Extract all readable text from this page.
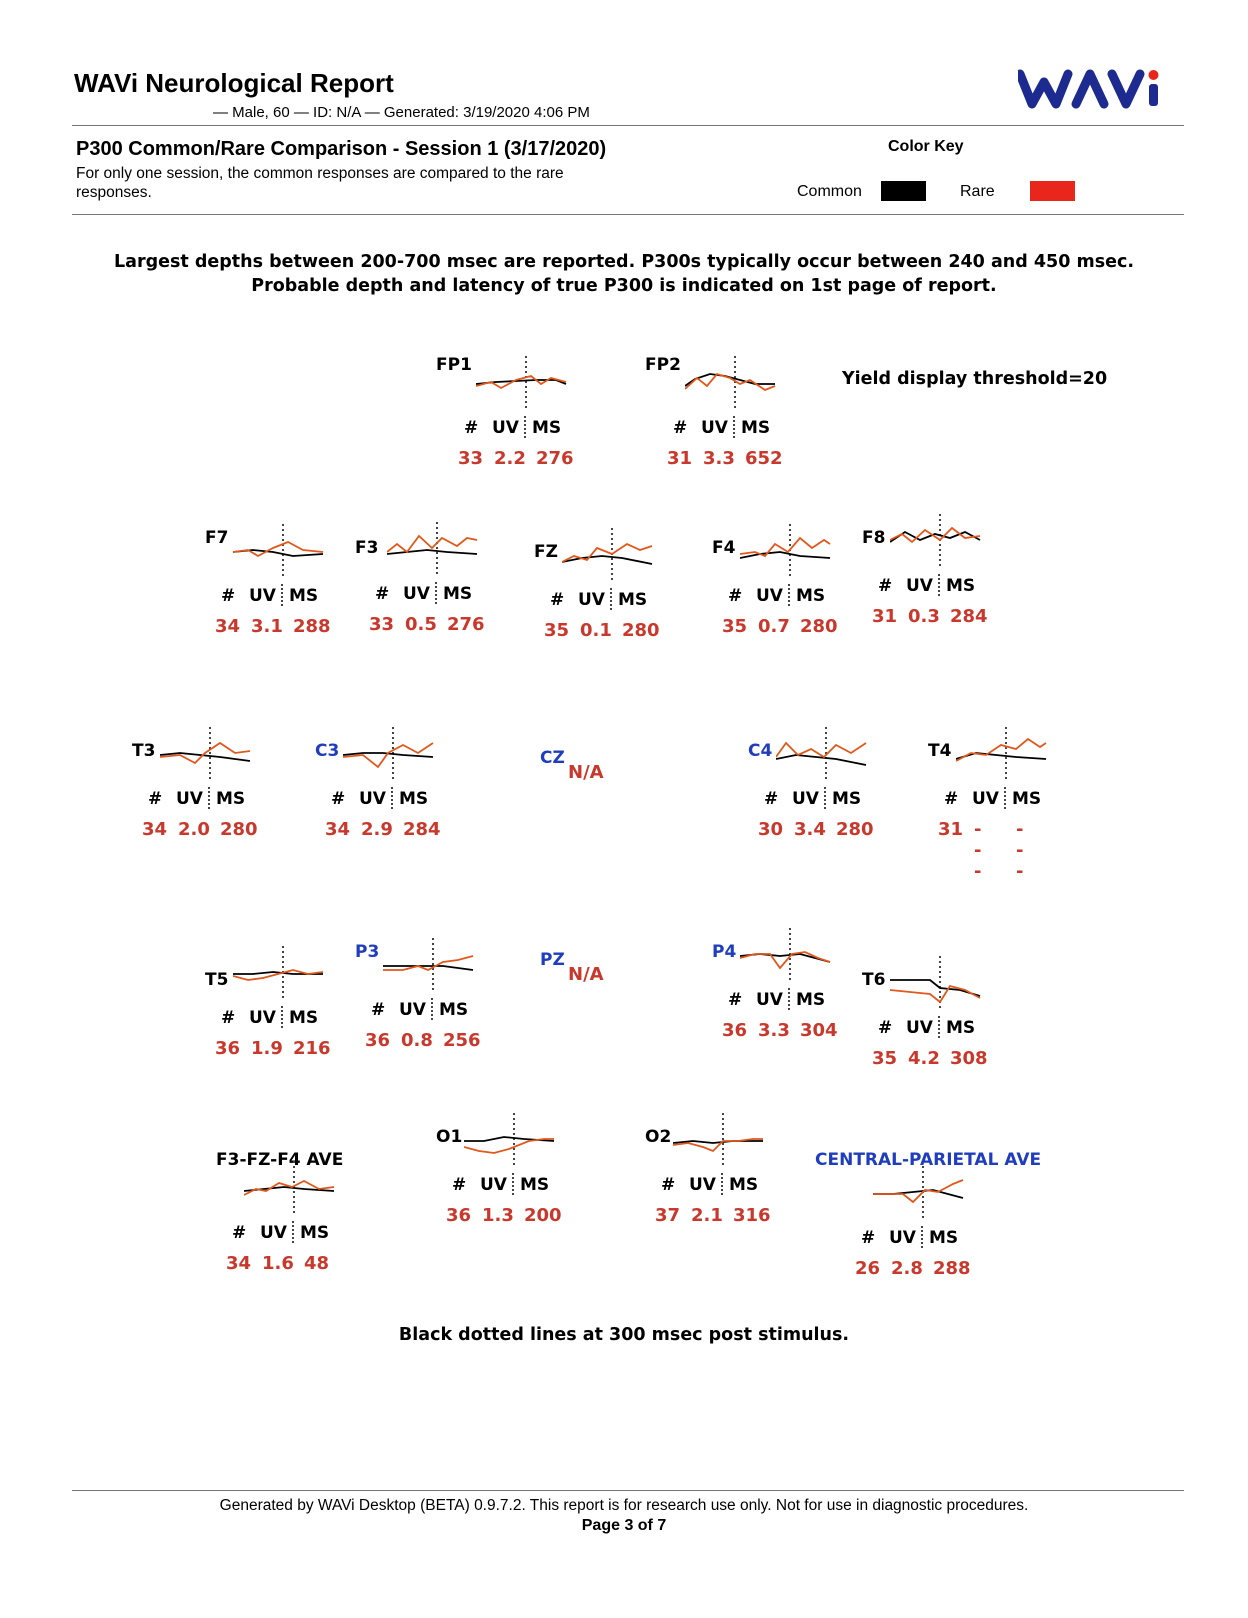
WAVi Neurological Report
— Male, 60 — ID: N/A — Generated: 3/19/2020 4:06 PM
P300 Common/Rare Comparison - Session 1 (3/17/2020)
For only one session, the common responses are compared to the rare responses.
Color Key
Common	Rare
Largest depths between 200-700 msec are reported. P300s typically occur between 240 and 450 msec.
Probable depth and latency of true P300 is indicated on 1st page of report.
Yield display threshold=20
Black dotted lines at 300 msec post stimulus.
FP1
# UV MS
33 2.2 276
FP2
# UV MS
31 3.3 652
F7
# UV MS
34 3.1 288
F3
# UV MS
33 0.5 276
FZ
# UV MS
35 0.1 280
F4
# UV MS
35 0.7 280
F8
# UV MS
31 0.3 284
T3
# UV MS
34 2.0 280
C3
# UV MS
34 2.9 284
C4
# UV MS
30 3.4 280
T4
# UV MS
31 ---
---
T5
# UV MS
36 1.9 216
P3
# UV MS
36 0.8 256
P4
# UV MS
36 3.3 304
T6
# UV MS
35 4.2 308
F3-FZ-F4 AVE
# UV MS
34 1.6 48
O1
# UV MS
36 1.3 200
O2
# UV MS
37 2.1 316
CENTRAL-PARIETAL AVE
# UV MS
26 2.8 288
CZ
N/A
PZ
N/A
Generated by WAVi Desktop (BETA) 0.9.7.2. This report is for research use only. Not for use in diagnostic procedures.
Page 3 of 7
